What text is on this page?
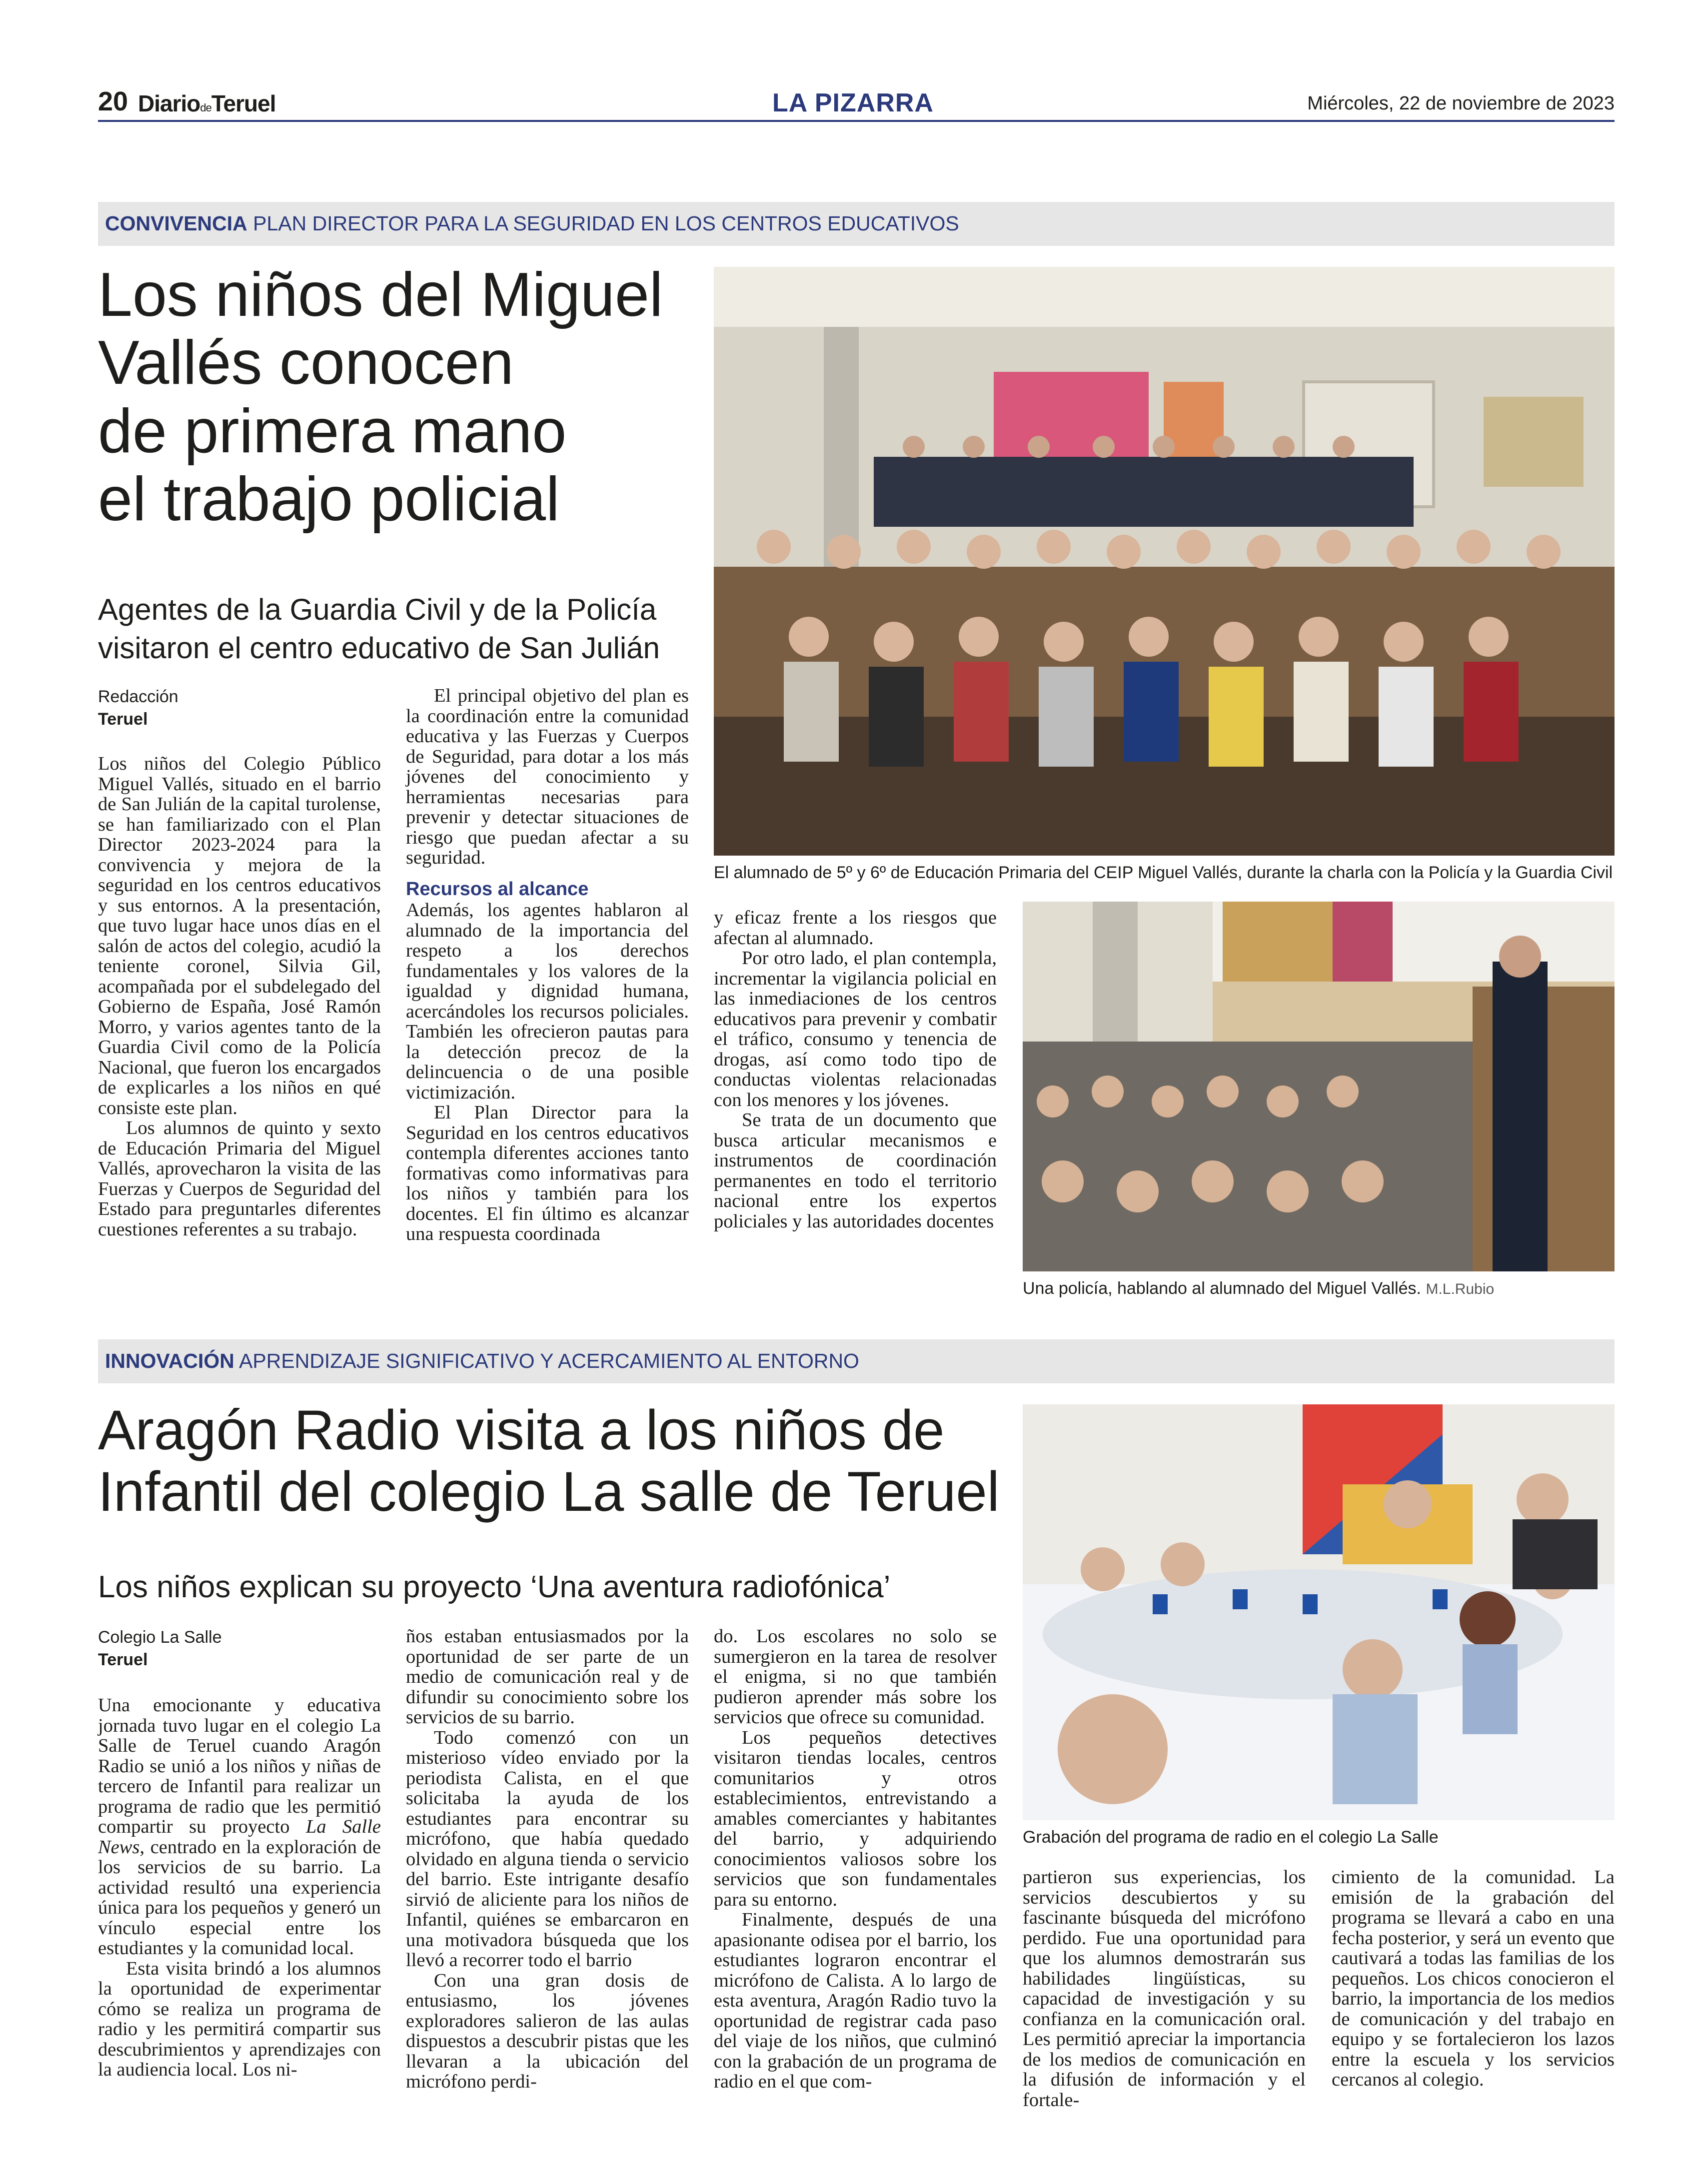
20 DiariodeTeruel	LA PIZARRA	Miércoles, 22 de noviembre de 2023
CONVIVENCIA PLAN DIRECTOR PARA LA SEGURIDAD EN LOS CENTROS EDUCATIVOS
Los niños del Miguel
Vallés conocen
de primera mano
el trabajo policial
Agentes de la Guardia Civil y de la Policía
visitaron el centro educativo de San Julián
Redacción
Teruel

Los niños del Colegio Público Miguel Vallés, situado en el barrio de San Julián de la capital turolense, se han familiarizado con el Plan Director 2023-2024 para la convivencia y mejora de la seguridad en los centros educativos y sus entornos. A la presentación, que tuvo lugar hace unos días en el salón de actos del colegio, acudió la teniente coronel, Silvia Gil, acompañada por el subdelegado del Gobierno de España, José Ramón Morro, y varios agentes tanto de la Guardia Civil como de la Policía Nacional, que fueron los encargados de explicarles a los niños en qué consiste este plan.

Los alumnos de quinto y sexto de Educación Primaria del Miguel Vallés, aprovecharon la visita de las Fuerzas y Cuerpos de Seguridad del Estado para preguntarles diferentes cuestiones referentes a su trabajo.

El principal objetivo del plan es la coordinación entre la comunidad educativa y las Fuerzas y Cuerpos de Seguridad, para dotar a los más jóvenes del conocimiento y herramientas necesarias para prevenir y detectar situaciones de riesgo que puedan afectar a su seguridad.

Recursos al alcance

Además, los agentes hablaron al alumnado de la importancia del respeto a los derechos fundamentales y los valores de la igualdad y dignidad humana, acercándoles los recursos policiales. También les ofrecieron pautas para la detección precoz de la delincuencia o de una posible victimización.

El Plan Director para la Seguridad en los centros educativos contempla diferentes acciones tanto formativas como informativas para los niños y también para los docentes. El fin último es alcanzar una respuesta coordinada

y eficaz frente a los riesgos que afectan al alumnado.

Por otro lado, el plan contempla, incrementar la vigilancia policial en las inmediaciones de los centros educativos para prevenir y combatir el tráfico, consumo y tenencia de drogas, así como todo tipo de conductas violentas relacionadas con los menores y los jóvenes.

Se trata de un documento que busca articular mecanismos e instrumentos de coordinación permanentes en todo el territorio nacional entre los expertos policiales y las autoridades docentes

El alumnado de 5º y 6º de Educación Primaria del CEIP Miguel Vallés, durante la charla con la Policía y la Guardia Civil
Una policía, hablando al alumnado del Miguel Vallés. M.L.Rubio
INNOVACIÓN APRENDIZAJE SIGNIFICATIVO Y ACERCAMIENTO AL ENTORNO
Aragón Radio visita a los niños de
Infantil del colegio La salle de Teruel
Los niños explican su proyecto ‘Una aventura radiofónica’
Colegio La Salle
Teruel

Una emocionante y educativa jornada tuvo lugar en el colegio La Salle de Teruel cuando Aragón Radio se unió a los niños y niñas de tercero de Infantil para realizar un programa de radio que les permitió compartir su proyecto La Salle News, centrado en la exploración de los servicios de su barrio. La actividad resultó una experiencia única para los pequeños y generó un vínculo especial entre los estudiantes y la comunidad local.

Esta visita brindó a los alumnos la oportunidad de experimentar cómo se realiza un programa de radio y les permitirá compartir sus descubrimientos y aprendizajes con la audiencia local. Los ni-

ños estaban entusiasmados por la oportunidad de ser parte de un medio de comunicación real y de difundir su conocimiento sobre los servicios de su barrio.

Todo comenzó con un misterioso vídeo enviado por la periodista Calista, en el que solicitaba la ayuda de los estudiantes para encontrar su micrófono, que había quedado olvidado en alguna tienda o servicio del barrio. Este intrigante desafío sirvió de aliciente para los niños de Infantil, quiénes se embarcaron en una motivadora búsqueda que los llevó a recorrer todo el barrio

Con una gran dosis de entusiasmo, los jóvenes exploradores salieron de las aulas dispuestos a descubrir pistas que les llevaran a la ubicación del micrófono perdi-

do. Los escolares no solo se sumergieron en la tarea de resolver el enigma, si no que también pudieron aprender más sobre los servicios que ofrece su comunidad.

Los pequeños detectives visitaron tiendas locales, centros comunitarios y otros establecimientos, entrevistando a amables comerciantes y habitantes del barrio, y adquiriendo conocimientos valiosos sobre los servicios que son fundamentales para su entorno.

Finalmente, después de una apasionante odisea por el barrio, los estudiantes lograron encontrar el micrófono de Calista. A lo largo de esta aventura, Aragón Radio tuvo la oportunidad de registrar cada paso del viaje de los niños, que culminó con la grabación de un programa de radio en el que com-

partieron sus experiencias, los servicios descubiertos y su fascinante búsqueda del micrófono perdido. Fue una oportunidad para que los alumnos demostrarán sus habilidades lingüísticas, su capacidad de investigación y su confianza en la comunicación oral. Les permitió apreciar la importancia de los medios de comunicación en la difusión de información y el fortale-

cimiento de la comunidad. La emisión de la grabación del programa se llevará a cabo en una fecha posterior, y será un evento que cautivará a todas las familias de los pequeños. Los chicos conocieron el barrio, la importancia de los medios de comunicación y del trabajo en equipo y se fortalecieron los lazos entre la escuela y los servicios cercanos al colegio.

Grabación del programa de radio en el colegio La Salle
